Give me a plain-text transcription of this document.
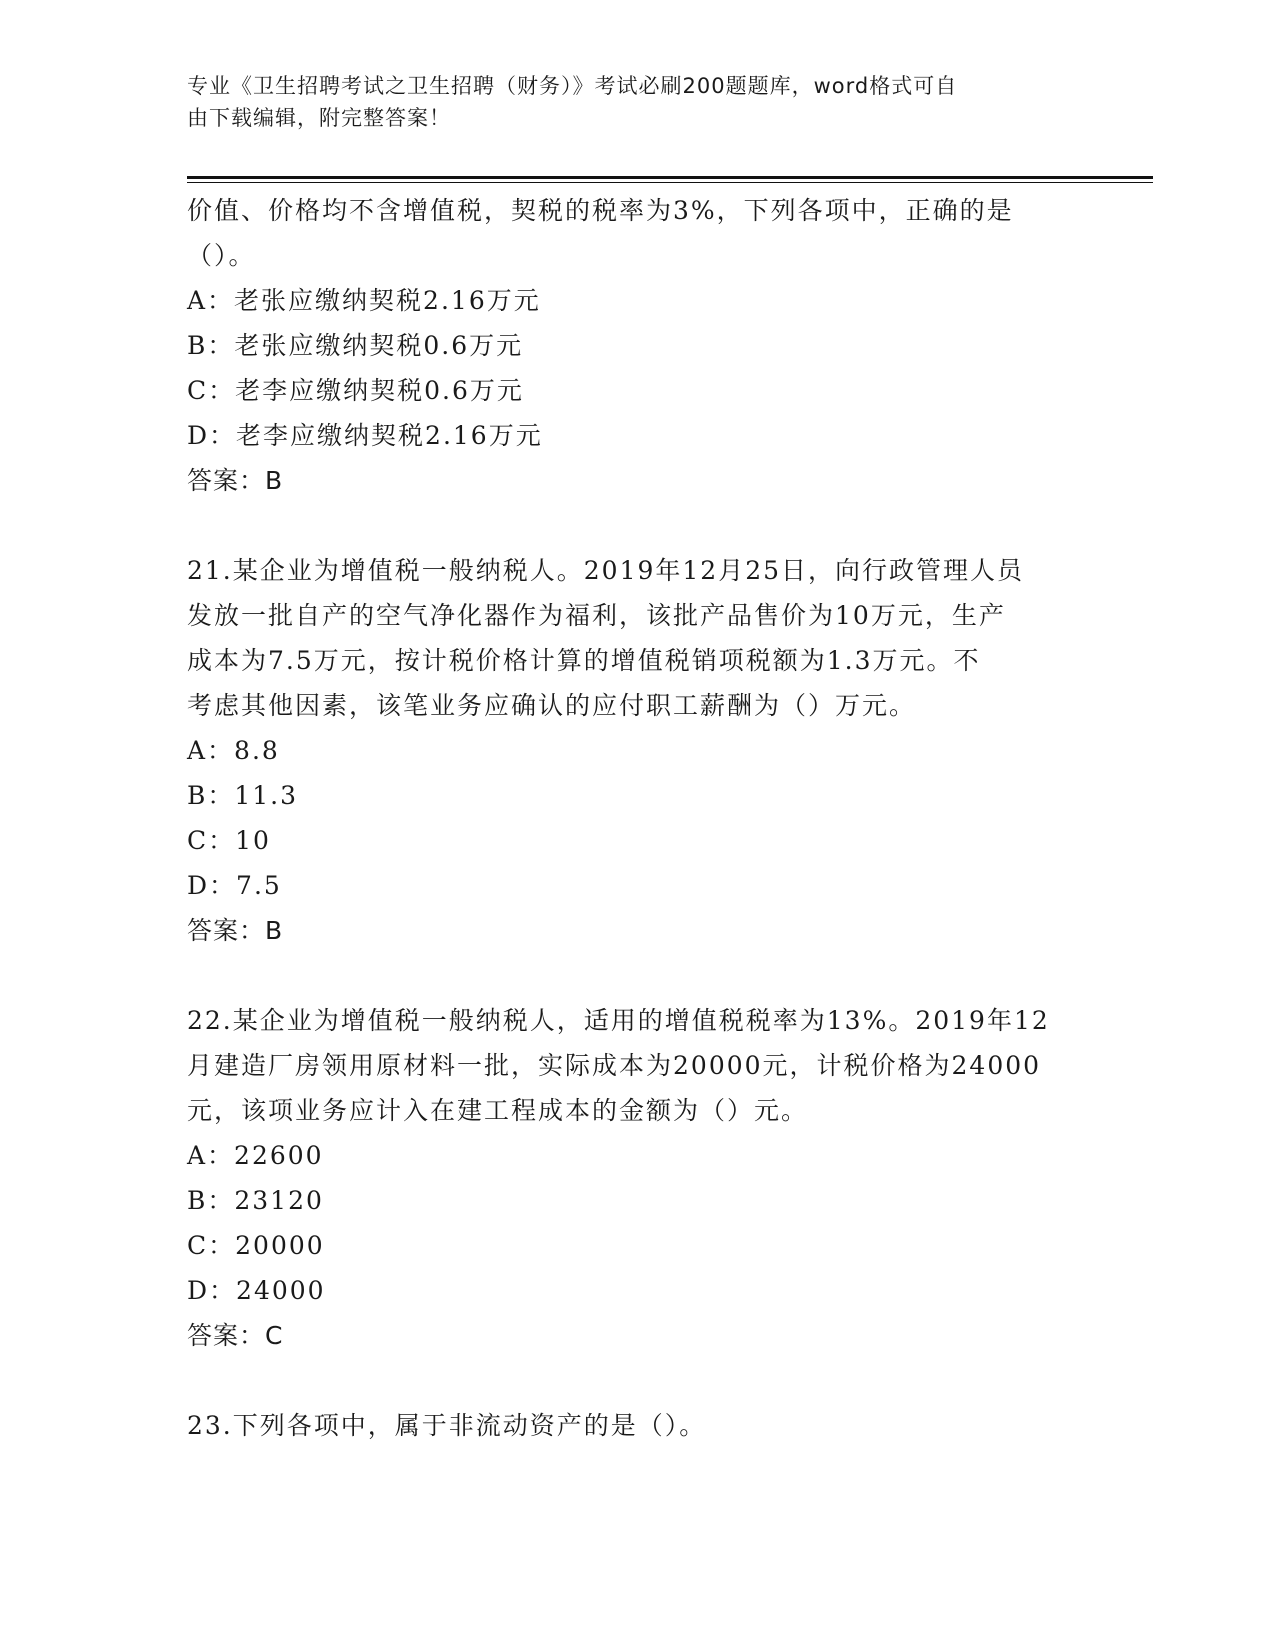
专业《卫生招聘考试之卫生招聘（财务）》考试必刷200题题库，word格式可自
由下载编辑，附完整答案！
价值、价格均不含增值税，契税的税率为3%，下列各项中，正确的是
（）。
A：老张应缴纳契税2.16万元
B：老张应缴纳契税0.6万元
C：老李应缴纳契税0.6万元
D：老李应缴纳契税2.16万元
答案：B
21.某企业为增值税一般纳税人。2019年12月25日，向行政管理人员
发放一批自产的空气净化器作为福利，该批产品售价为10万元，生产
成本为7.5万元，按计税价格计算的增值税销项税额为1.3万元。不
考虑其他因素，该笔业务应确认的应付职工薪酬为（）万元。
A：8.8
B：11.3
C：10
D：7.5
答案：B
22.某企业为增值税一般纳税人，适用的增值税税率为13%。2019年12
月建造厂房领用原材料一批，实际成本为20000元，计税价格为24000
元，该项业务应计入在建工程成本的金额为（）元。
A：22600
B：23120
C：20000
D：24000
答案：C
23.下列各项中，属于非流动资产的是（）。
